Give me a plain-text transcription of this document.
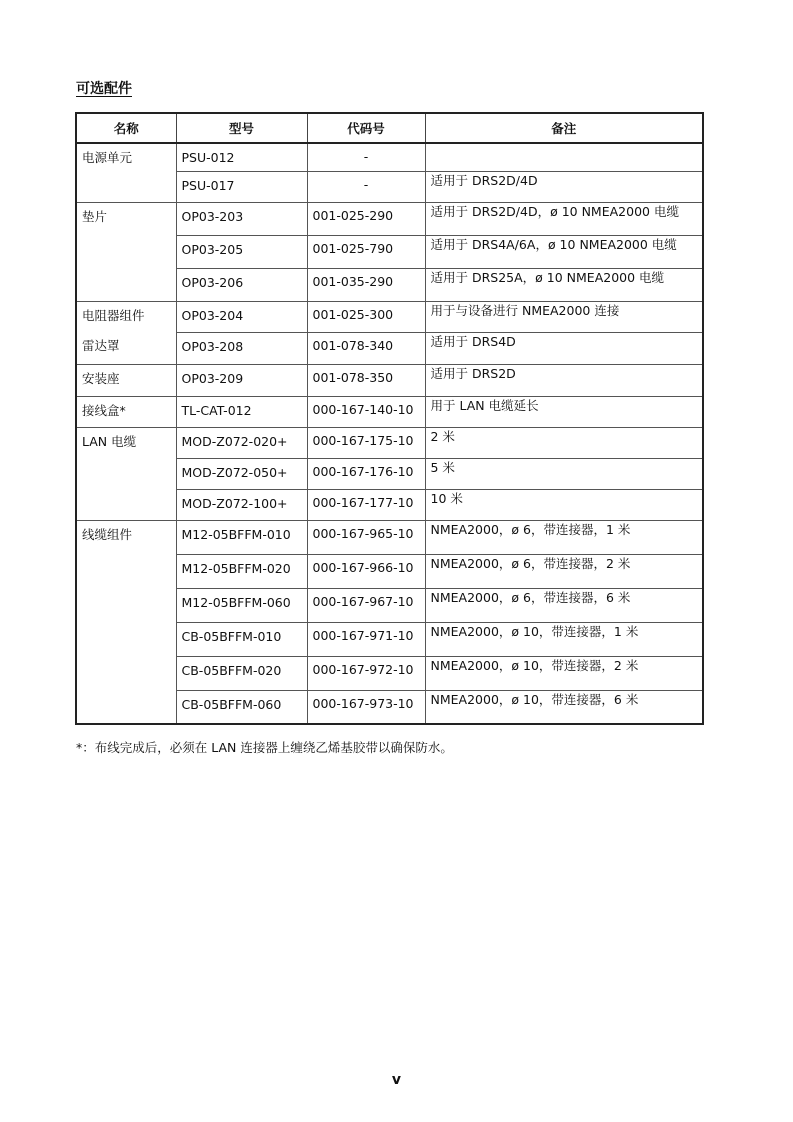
可选配件
名称	型号	代码号	备注

电源单元	PSU-012	-	

	PSU-017	-	适用于 DRS2D/4D

垫片	OP03-203	001-025-290	适用于 DRS2D/4D，ø 10 NMEA2000 电缆

	OP03-205	001-025-790	适用于 DRS4A/6A，ø 10 NMEA2000 电缆

	OP03-206	001-035-290	适用于 DRS25A，ø 10 NMEA2000 电缆

电阻器组件	OP03-204	001-025-300	用于与设备进行 NMEA2000 连接

雷达罩	OP03-208	001-078-340	适用于 DRS4D

安装座	OP03-209	001-078-350	适用于 DRS2D

接线盒*	TL-CAT-012	000-167-140-10	用于 LAN 电缆延长

LAN 电缆	MOD-Z072-020+	000-167-175-10	2 米

	MOD-Z072-050+	000-167-176-10	5 米

	MOD-Z072-100+	000-167-177-10	10 米

线缆组件	M12-05BFFM-010	000-167-965-10	NMEA2000，ø 6，带连接器，1 米

	M12-05BFFM-020	000-167-966-10	NMEA2000，ø 6，带连接器，2 米

	M12-05BFFM-060	000-167-967-10	NMEA2000，ø 6，带连接器，6 米

	CB-05BFFM-010	000-167-971-10	NMEA2000，ø 10，带连接器，1 米

	CB-05BFFM-020	000-167-972-10	NMEA2000，ø 10，带连接器，2 米

	CB-05BFFM-060	000-167-973-10	NMEA2000，ø 10，带连接器，6 米
*：布线完成后，必须在 LAN 连接器上缠绕乙烯基胶带以确保防水。
v
